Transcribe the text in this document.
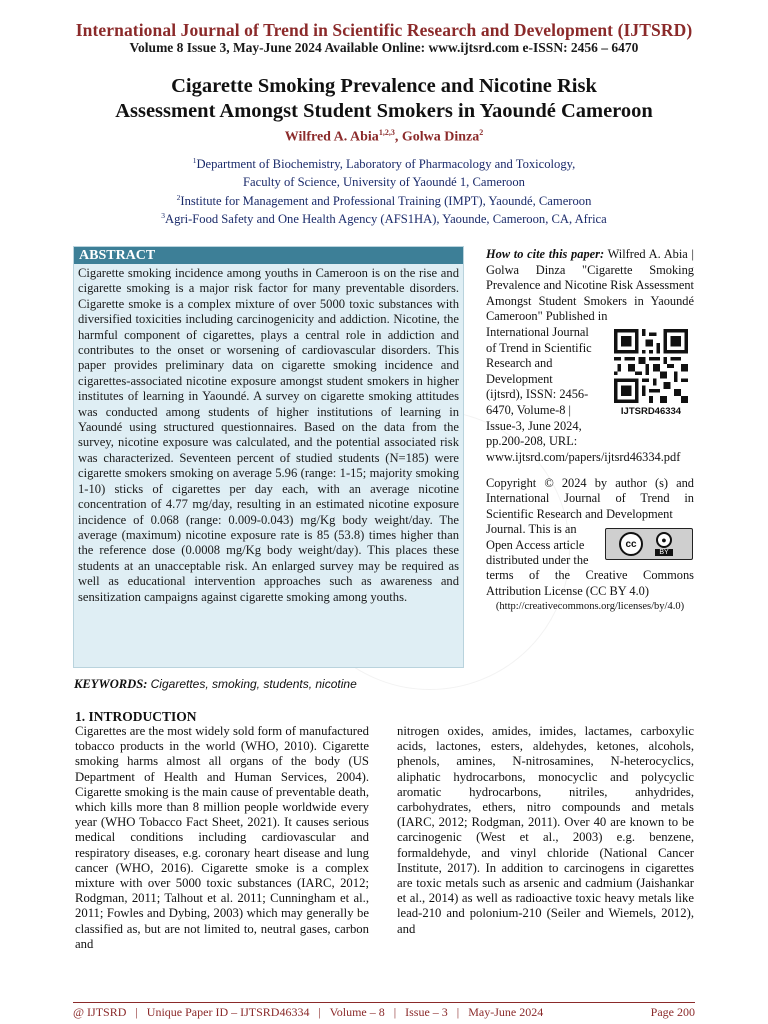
International Journal of Trend in Scientific Research and Development (IJTSRD)
Volume 8 Issue 3, May-June 2024 Available Online: www.ijtsrd.com e-ISSN: 2456 – 6470
Cigarette Smoking Prevalence and Nicotine Risk
Assessment Amongst Student Smokers in Yaoundé Cameroon
Wilfred A. Abia$^{1,2,3}$, Golwa Dinza$^2$
$^1$Department of Biochemistry, Laboratory of Pharmacology and Toxicology,
Faculty of Science, University of Yaoundé 1, Cameroon
$^2$Institute for Management and Professional Training (IMPT), Yaoundé, Cameroon
$^3$Agri-Food Safety and One Health Agency (AFS1HA), Yaounde, Cameroon, CA, Africa
ABSTRACT
Cigarette smoking incidence among youths in Cameroon is on the rise and cigarette smoking is a major risk factor for many preventable disorders. Cigarette smoke is a complex mixture of over 5000 toxic substances with diversified toxicities including carcinogenicity and addiction. Nicotine, the harmful component of cigarettes, plays a central role in addiction and contributes to the onset or worsening of cardiovascular disorders. This paper provides preliminary data on cigarette smoking incidence and cigarettes-associated nicotine exposure amongst student smokers in higher institutes of learning in Yaoundé. A survey on cigarette smoking attitudes was conducted among students of higher institutions of learning in Yaoundé using structured questionnaires. Based on the data from the survey, nicotine exposure was calculated, and the potential associated risk was characterized. Seventeen percent of studied students (N=185) were cigarette smokers smoking on average 5.96 (range: 1-15; majority smoking 1-10) sticks of cigarettes per day each, with an average nicotine concentration of 4.77 mg/day, resulting in an estimated nicotine exposure incidence of 0.068 (range: 0.009-0.043) mg/Kg body weight/day. The average (maximum) nicotine exposure rate is 85 (53.8) times higher than the reference dose (0.0008 mg/Kg body weight/day). This places these students at an unacceptable risk. An enlarged survey may be required as well as educational intervention approaches such as awareness and sensitization campaigns against cigarette smoking among youths.
KEYWORDS: Cigarettes, smoking, students, nicotine
How to cite this paper: Wilfred A. Abia | Golwa Dinza "Cigarette Smoking Prevalence and Nicotine Risk Assessment Amongst Student Smokers in Yaoundé Cameroon" Published in
International Journal of Trend in Scientific Research and Development (ijtsrd), ISSN: 2456-6470, Volume-8 | Issue-3, June 2024, pp.200-208, URL:
www.ijtsrd.com/papers/ijtsrd46334.pdf
IJTSRD46334
Copyright © 2024 by author (s) and International Journal of Trend in Scientific Research and Development
Journal. This is an Open Access article distributed under the
terms of the Creative Commons Attribution License (CC BY 4.0)
(http://creativecommons.org/licenses/by/4.0)
cc	●
BY
1. INTRODUCTION
Cigarettes are the most widely sold form of manufactured tobacco products in the world (WHO, 2010). Cigarette smoking harms almost all organs of the body (US Department of Health and Human Services, 2004). Cigarette smoking is the main cause of preventable death, which kills more than 8 million people worldwide every year (WHO Tobacco Fact Sheet, 2021). It causes serious medical conditions including cardiovascular and respiratory diseases, e.g. coronary heart disease and lung cancer (WHO, 2016). Cigarette smoke is a complex mixture with over 5000 toxic substances (IARC, 2012; Rodgman, 2011; Talhout et al. 2011; Cunningham et al., 2011; Fowles and Dybing, 2003) which may generally be classified as, but are not limited to, neutral gases, carbon and
nitrogen oxides, amides, imides, lactames, carboxylic acids, lactones, esters, aldehydes, ketones, alcohols, phenols, amines, N-nitrosamines, N-heterocyclics, aliphatic hydrocarbons, monocyclic and polycyclic aromatic hydrocarbons, nitriles, anhydrides, carbohydrates, ethers, nitro compounds and metals (IARC, 2012; Rodgman, 2011). Over 40 are known to be carcinogenic (West et al., 2003) e.g. benzene, formaldehyde, and vinyl chloride (National Cancer Institute, 2017). In addition to carcinogens in cigarettes are toxic metals such as arsenic and cadmium (Jaishankar et al., 2014) as well as radioactive toxic heavy metals like lead-210 and polonium-210 (Seiler and Wiemels, 2012), and
@ IJTSRD   |   Unique Paper ID – IJTSRD46334   |   Volume – 8   |   Issue – 3   |   May-June 2024	Page 200
